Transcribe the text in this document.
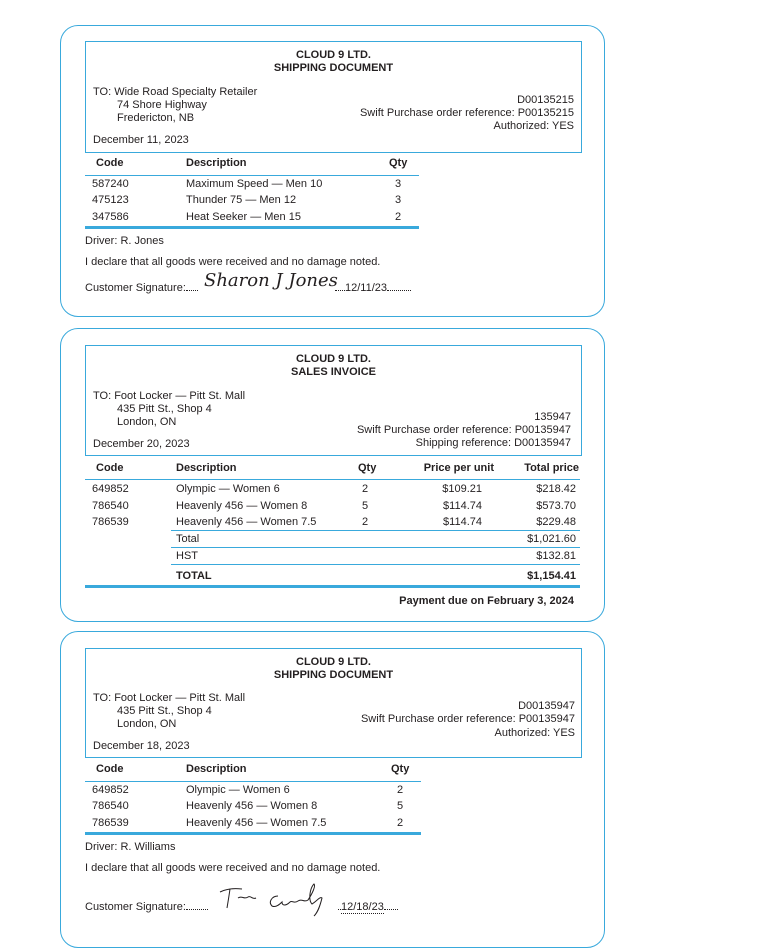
CLOUD 9 LTD.
SHIPPING DOCUMENT
TO: Wide Road Specialty Retailer
74 Shore Highway
Fredericton, NB
December 11, 2023
D00135215
Swift Purchase order reference: P00135215
Authorized: YES
Code	Description	Qty
587240	Maximum Speed — Men 10	3
475123	Thunder 75 — Men 12	3
347586	Heat Seeker — Men 15	2
Driver: R. Jones
I declare that all goods were received and no damage noted.
Customer Signature:	Sharon J Jones 12/11/23
CLOUD 9 LTD.
SALES INVOICE
TO: Foot Locker — Pitt St. Mall
435 Pitt St., Shop 4
London, ON
December 20, 2023
135947
Swift Purchase order reference: P00135947
Shipping reference: D00135947
Code	Description	Qty	Price per unit	Total price
649852	Olympic — Women 6	2	$109.21	$218.42
786540	Heavenly 456 — Women 8	5	$114.74	$573.70
786539	Heavenly 456 — Women 7.5	2	$114.74	$229.48
Total	$1,021.60
HST	$132.81
TOTAL	$1,154.41
Payment due on February 3, 2024
CLOUD 9 LTD.
SHIPPING DOCUMENT
TO: Foot Locker — Pitt St. Mall
435 Pitt St., Shop 4
London, ON
December 18, 2023
D00135947
Swift Purchase order reference: P00135947
Authorized: YES
Code	Description	Qty
649852	Olympic — Women 6	2
786540	Heavenly 456 — Women 8	5
786539	Heavenly 456 — Women 7.5	2
Driver: R. Williams
I declare that all goods were received and no damage noted.
Customer Signature:	12/18/23
